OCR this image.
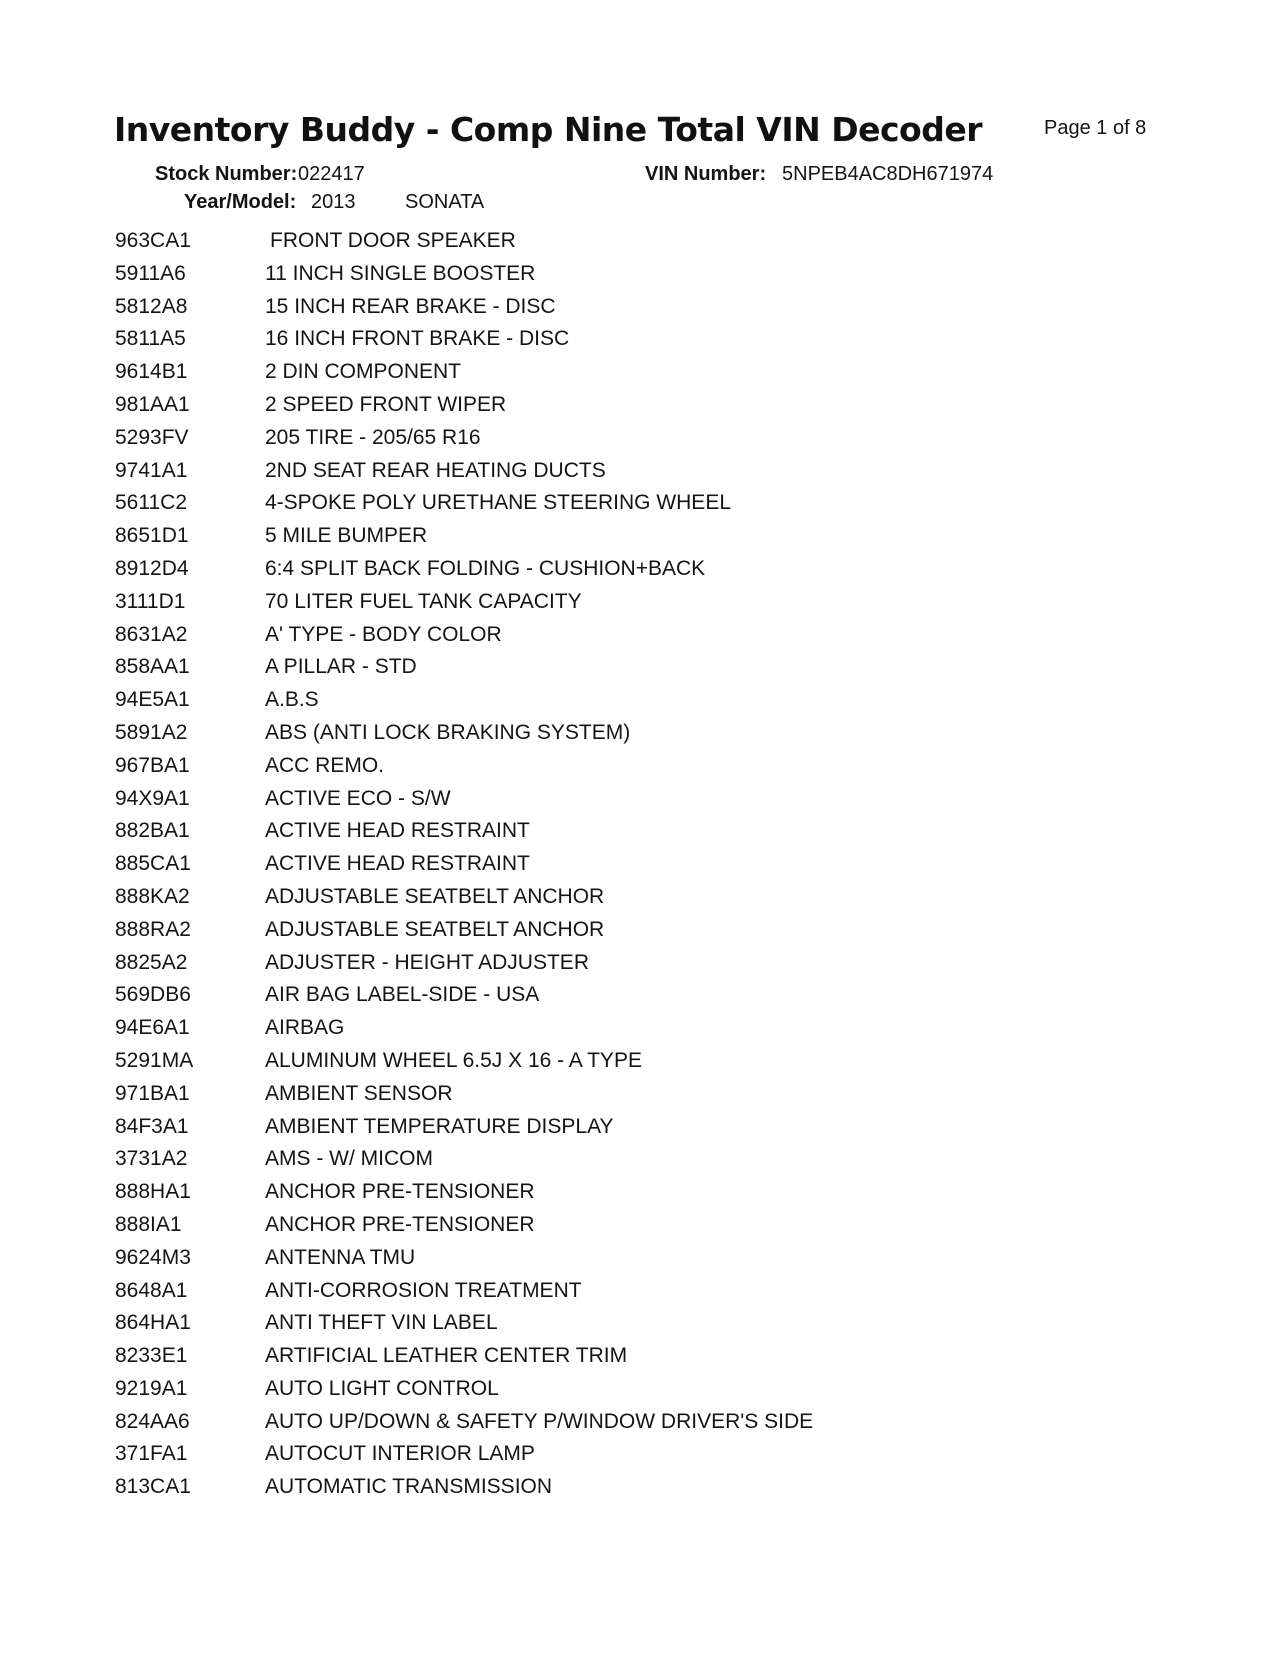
Inventory Buddy - Comp Nine Total VIN Decoder	Page 1 of 8
Stock Number: 022417	VIN Number: 5NPEB4AC8DH671974
Year/Model: 2013 SONATA
963CA1	FRONT DOOR SPEAKER
5911A6	11 INCH SINGLE BOOSTER
5812A8	15 INCH REAR BRAKE - DISC
5811A5	16 INCH FRONT BRAKE - DISC
9614B1	2 DIN COMPONENT
981AA1	2 SPEED FRONT WIPER
5293FV	205 TIRE - 205/65 R16
9741A1	2ND SEAT REAR HEATING DUCTS
5611C2	4-SPOKE POLY URETHANE STEERING WHEEL
8651D1	5 MILE BUMPER
8912D4	6:4 SPLIT BACK FOLDING - CUSHION+BACK
3111D1	70 LITER FUEL TANK CAPACITY
8631A2	A' TYPE - BODY COLOR
858AA1	A PILLAR - STD
94E5A1	A.B.S
5891A2	ABS (ANTI LOCK BRAKING SYSTEM)
967BA1	ACC REMO.
94X9A1	ACTIVE ECO - S/W
882BA1	ACTIVE HEAD RESTRAINT
885CA1	ACTIVE HEAD RESTRAINT
888KA2	ADJUSTABLE SEATBELT ANCHOR
888RA2	ADJUSTABLE SEATBELT ANCHOR
8825A2	ADJUSTER - HEIGHT ADJUSTER
569DB6	AIR BAG LABEL-SIDE - USA
94E6A1	AIRBAG
5291MA	ALUMINUM WHEEL 6.5J X 16 - A TYPE
971BA1	AMBIENT SENSOR
84F3A1	AMBIENT TEMPERATURE DISPLAY
3731A2	AMS - W/ MICOM
888HA1	ANCHOR PRE-TENSIONER
888IA1	ANCHOR PRE-TENSIONER
9624M3	ANTENNA TMU
8648A1	ANTI-CORROSION TREATMENT
864HA1	ANTI THEFT VIN LABEL
8233E1	ARTIFICIAL LEATHER CENTER TRIM
9219A1	AUTO LIGHT CONTROL
824AA6	AUTO UP/DOWN & SAFETY P/WINDOW DRIVER'S SIDE
371FA1	AUTOCUT INTERIOR LAMP
813CA1	AUTOMATIC TRANSMISSION
